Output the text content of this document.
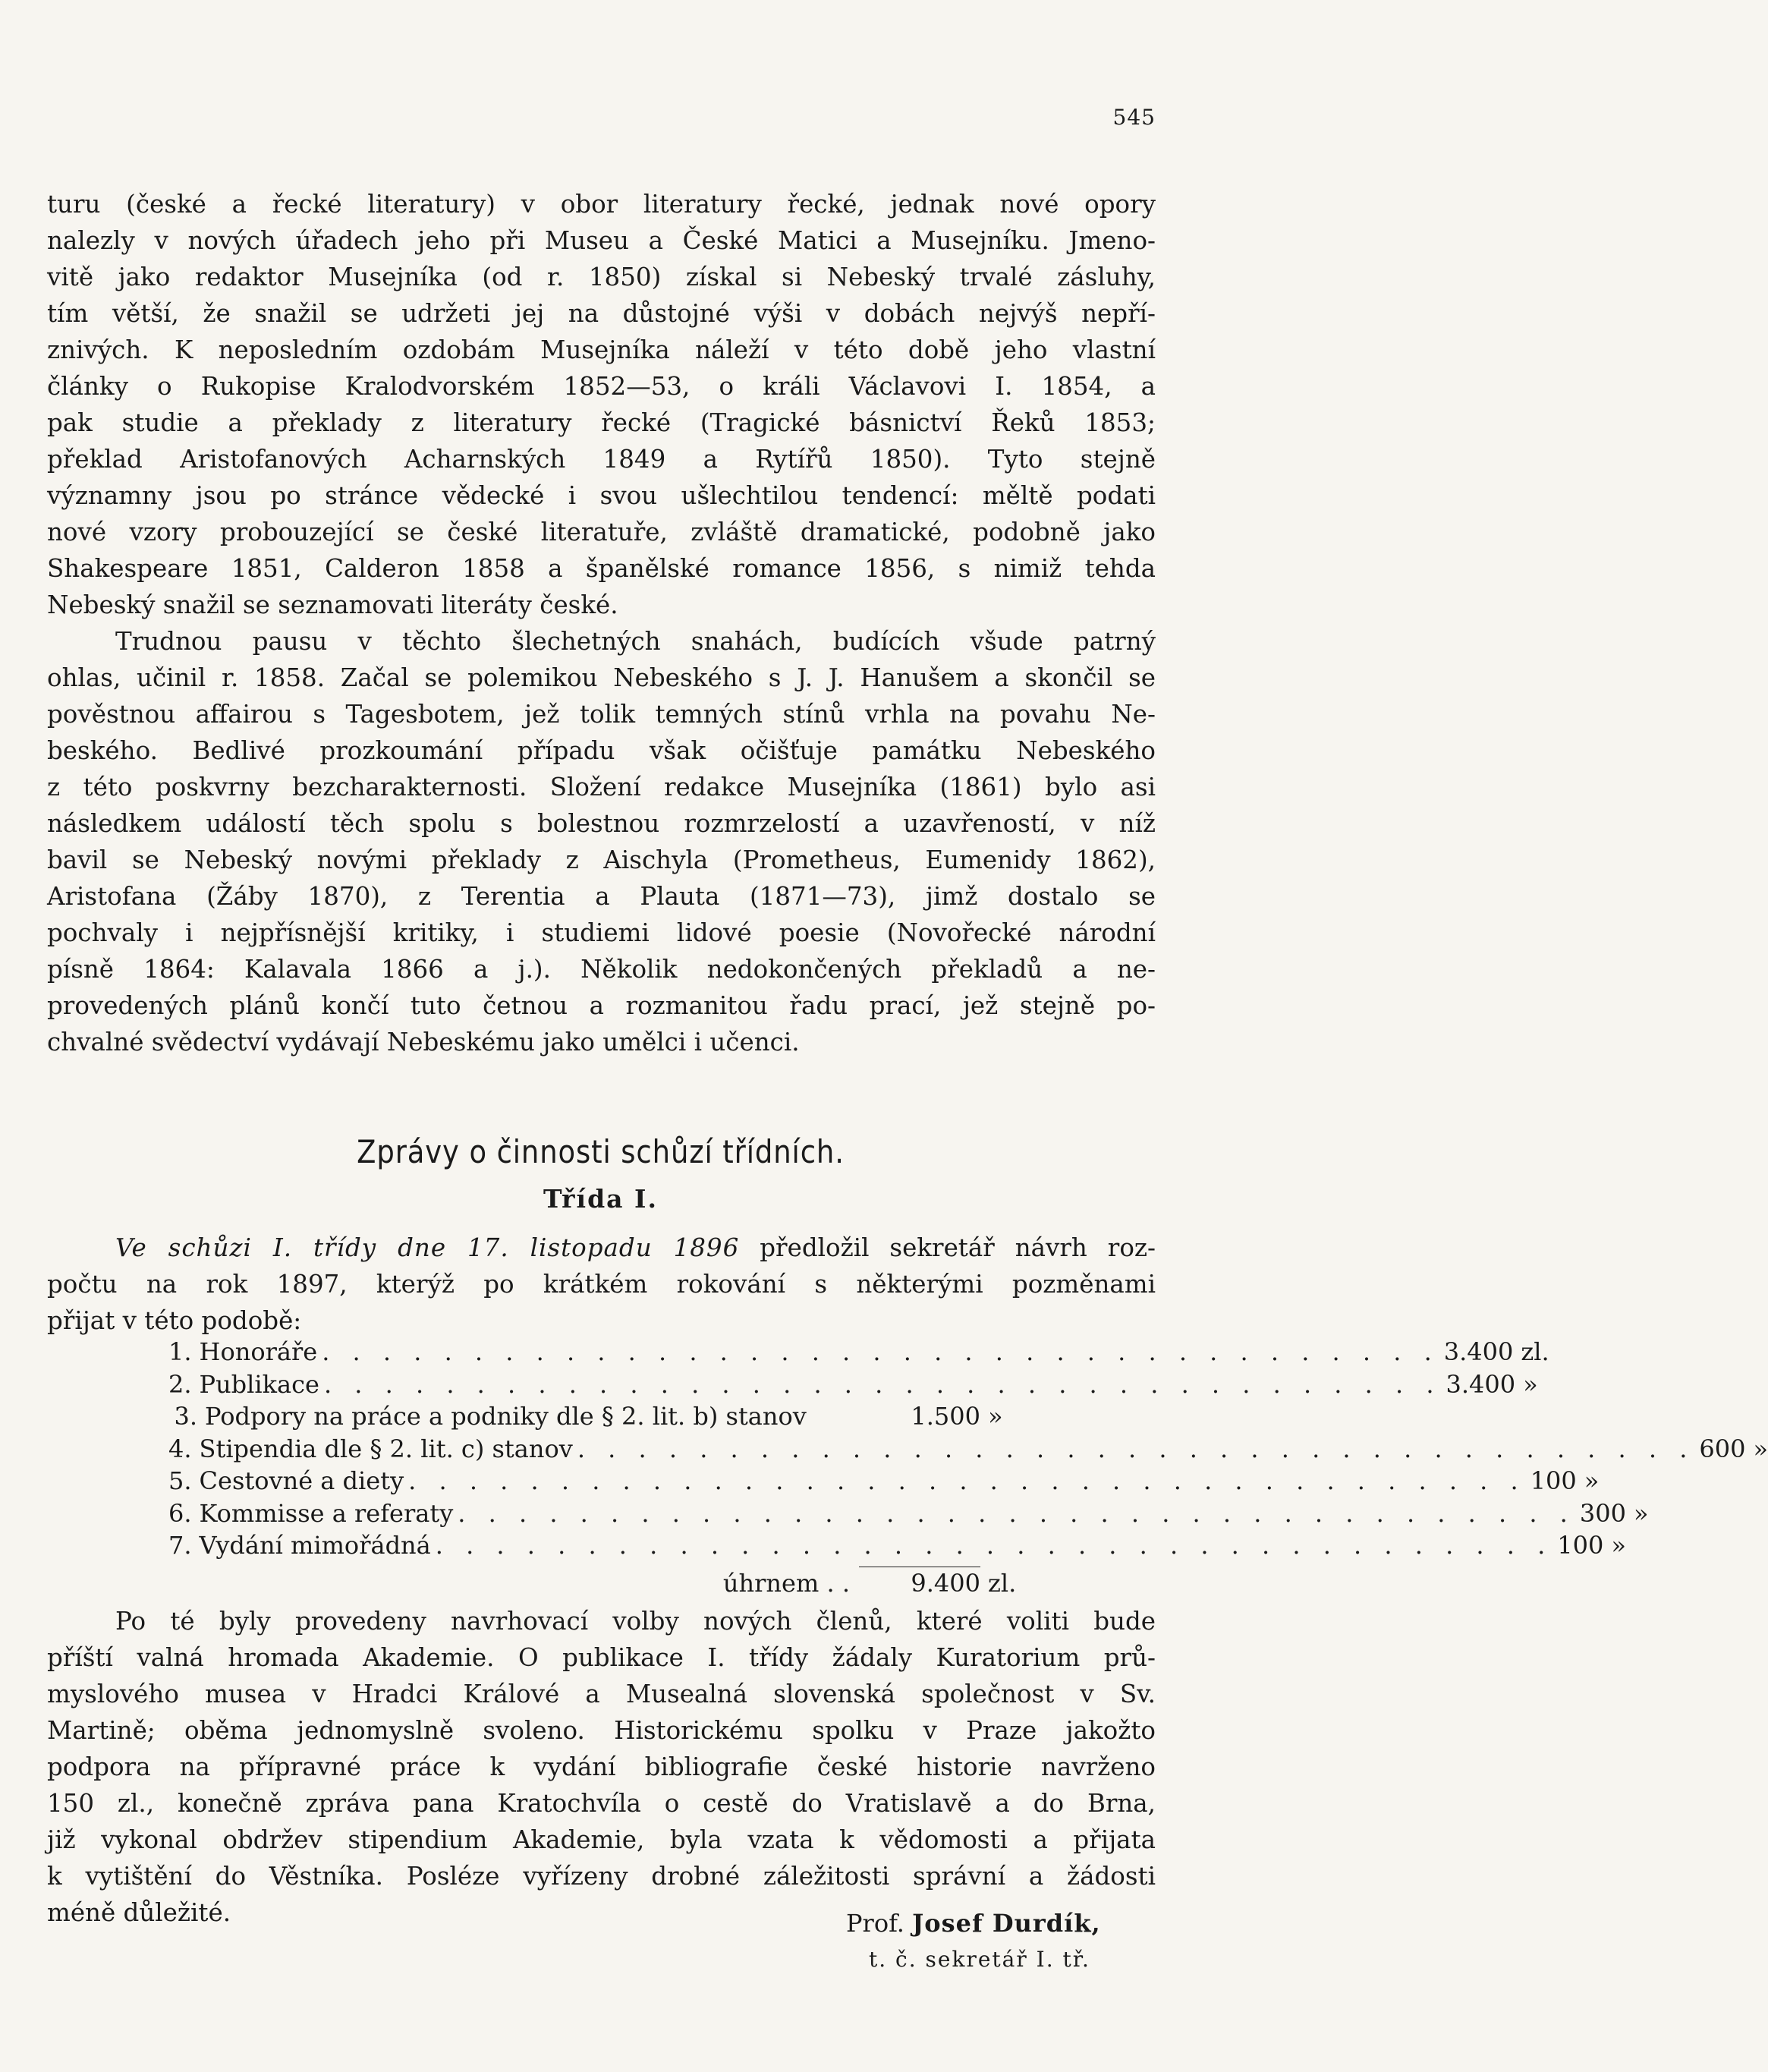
545
turu (české a řecké literatury) v obor literatury řecké, jednak nové opory
nalezly v nových úřadech jeho při Museu a České Matici a Musejníku. Jmeno-
vitě jako redaktor Musejníka (od r. 1850) získal si Nebeský trvalé zásluhy,
tím větší, že snažil se udržeti jej na důstojné výši v dobách nejvýš nepří-
znivých. K neposledním ozdobám Musejníka náleží v této době jeho vlastní
články o Rukopise Kralodvorském 1852—53, o králi Václavovi I. 1854, a
pak studie a překlady z literatury řecké (Tragické básnictví Řeků 1853;
překlad Aristofanových Acharnských 1849 a Rytířů 1850). Tyto stejně
významny jsou po stránce vědecké i svou ušlechtilou tendencí: měltě podati
nové vzory probouzející se české literatuře, zvláště dramatické, podobně jako
Shakespeare 1851, Calderon 1858 a španělské romance 1856, s nimiž tehda
Nebeský snažil se seznamovati literáty české.
Trudnou pausu v těchto šlechetných snahách, budících všude patrný
ohlas, učinil r. 1858. Začal se polemikou Nebeského s J. J. Hanušem a skončil se
pověstnou affairou s Tagesbotem, jež tolik temných stínů vrhla na povahu Ne-
beského. Bedlivé prozkoumání případu však očišťuje památku Nebeského
z této poskvrny bezcharakternosti. Složení redakce Musejníka (1861) bylo asi
následkem událostí těch spolu s bolestnou rozmrzelostí a uzavřeností, v níž
bavil se Nebeský novými překlady z Aischyla (Prometheus, Eumenidy 1862),
Aristofana (Žáby 1870), z Terentia a Plauta (1871—73), jimž dostalo se
pochvaly i nejpřísnější kritiky, i studiemi lidové poesie (Novořecké národní
písně 1864: Kalavala 1866 a j.). Několik nedokončených překladů a ne-
provedených plánů končí tuto četnou a rozmanitou řadu prací, jež stejně po-
chvalné svědectví vydávají Nebeskému jako umělci i učenci.
Zprávy o činnosti schůzí třídních.
Třída I.
Ve schůzi I. třídy dne 17. listopadu 1896 předložil sekretář návrh roz-
počtu na rok 1897, kterýž po krátkém rokování s některými pozměnami
přijat v této podobě:
1. Honoráře . . . . . . . . . . . . . . . . . . . . . . . . . . . . . . . . . . . . . 3.400 zl.
2. Publikace . . . . . . . . . . . . . . . . . . . . . . . . . . . . . . . . . . . . . 3.400 »
3. Podpory na práce a podniky dle § 2. lit. b) stanov	1.500 »
4. Stipendia dle § 2. lit. c) stanov . . . . . . . . . . . . . . . . . . . . . . . . . . . . . . . . . . . . . 600 »
5. Cestovné a diety . . . . . . . . . . . . . . . . . . . . . . . . . . . . . . . . . . . . . 100 »
6. Kommisse a referaty . . . . . . . . . . . . . . . . . . . . . . . . . . . . . . . . . . . . . 300 »
7. Vydání mimořádná . . . . . . . . . . . . . . . . . . . . . . . . . . . . . . . . . . . . . 100 »
úhrnem . .	9.400 zl.
Po té byly provedeny navrhovací volby nových členů, které voliti bude
příští valná hromada Akademie. O publikace I. třídy žádaly Kuratorium prů-
myslového musea v Hradci Králové a Musealná slovenská společnost v Sv.
Martině; oběma jednomyslně svoleno. Historickému spolku v Praze jakožto
podpora na přípravné práce k vydání bibliografie české historie navrženo
150 zl., konečně zpráva pana Kratochvíla o cestě do Vratislavě a do Brna,
již vykonal obdržev stipendium Akademie, byla vzata k vědomosti a přijata
k vytištění do Věstníka. Posléze vyřízeny drobné záležitosti správní a žádosti
méně důležité.	Prof. Josef Durdík,
t. č. sekretář I. tř.
